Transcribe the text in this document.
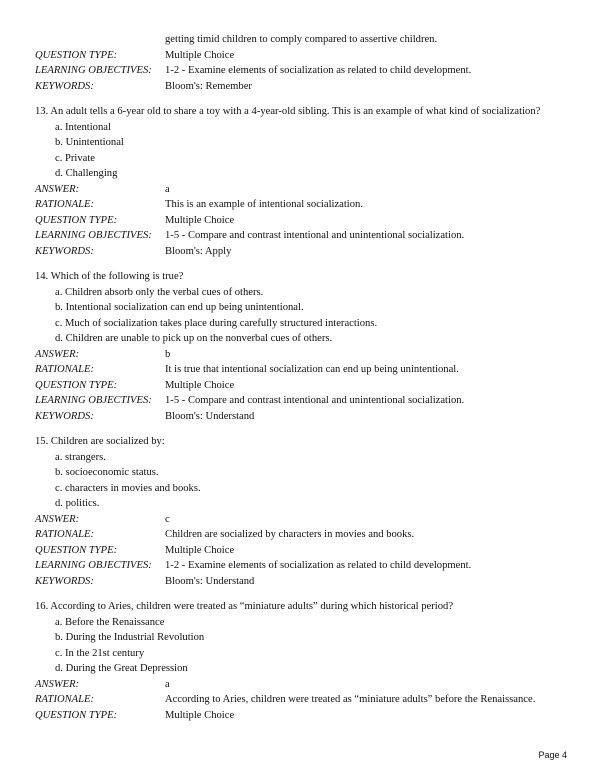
getting timid children to comply compared to assertive children.
QUESTION TYPE:	Multiple Choice
LEARNING OBJECTIVES: 1-2 - Examine elements of socialization as related to child development.
KEYWORDS:	Bloom's: Remember
13. An adult tells a 6-year old to share a toy with a 4-year-old sibling. This is an example of what kind of socialization?
a. Intentional
b. Unintentional
c. Private
d. Challenging
ANSWER:	a
RATIONALE:	This is an example of intentional socialization.
QUESTION TYPE:	Multiple Choice
LEARNING OBJECTIVES: 1-5 - Compare and contrast intentional and unintentional socialization.
KEYWORDS:	Bloom's: Apply
14. Which of the following is true?
a. Children absorb only the verbal cues of others.
b. Intentional socialization can end up being unintentional.
c. Much of socialization takes place during carefully structured interactions.
d. Children are unable to pick up on the nonverbal cues of others.
ANSWER:	b
RATIONALE:	It is true that intentional socialization can end up being unintentional.
QUESTION TYPE:	Multiple Choice
LEARNING OBJECTIVES: 1-5 - Compare and contrast intentional and unintentional socialization.
KEYWORDS:	Bloom's: Understand
15. Children are socialized by:
a. strangers.
b. socioeconomic status.
c. characters in movies and books.
d. politics.
ANSWER:	c
RATIONALE:	Children are socialized by characters in movies and books.
QUESTION TYPE:	Multiple Choice
LEARNING OBJECTIVES: 1-2 - Examine elements of socialization as related to child development.
KEYWORDS:	Bloom's: Understand
16. According to Aries, children were treated as “miniature adults” during which historical period?
a. Before the Renaissance
b. During the Industrial Revolution
c. In the 21st century
d. During the Great Depression
ANSWER:	a
RATIONALE:	According to Aries, children were treated as “miniature adults” before the Renaissance.
QUESTION TYPE:	Multiple Choice
Page 4
